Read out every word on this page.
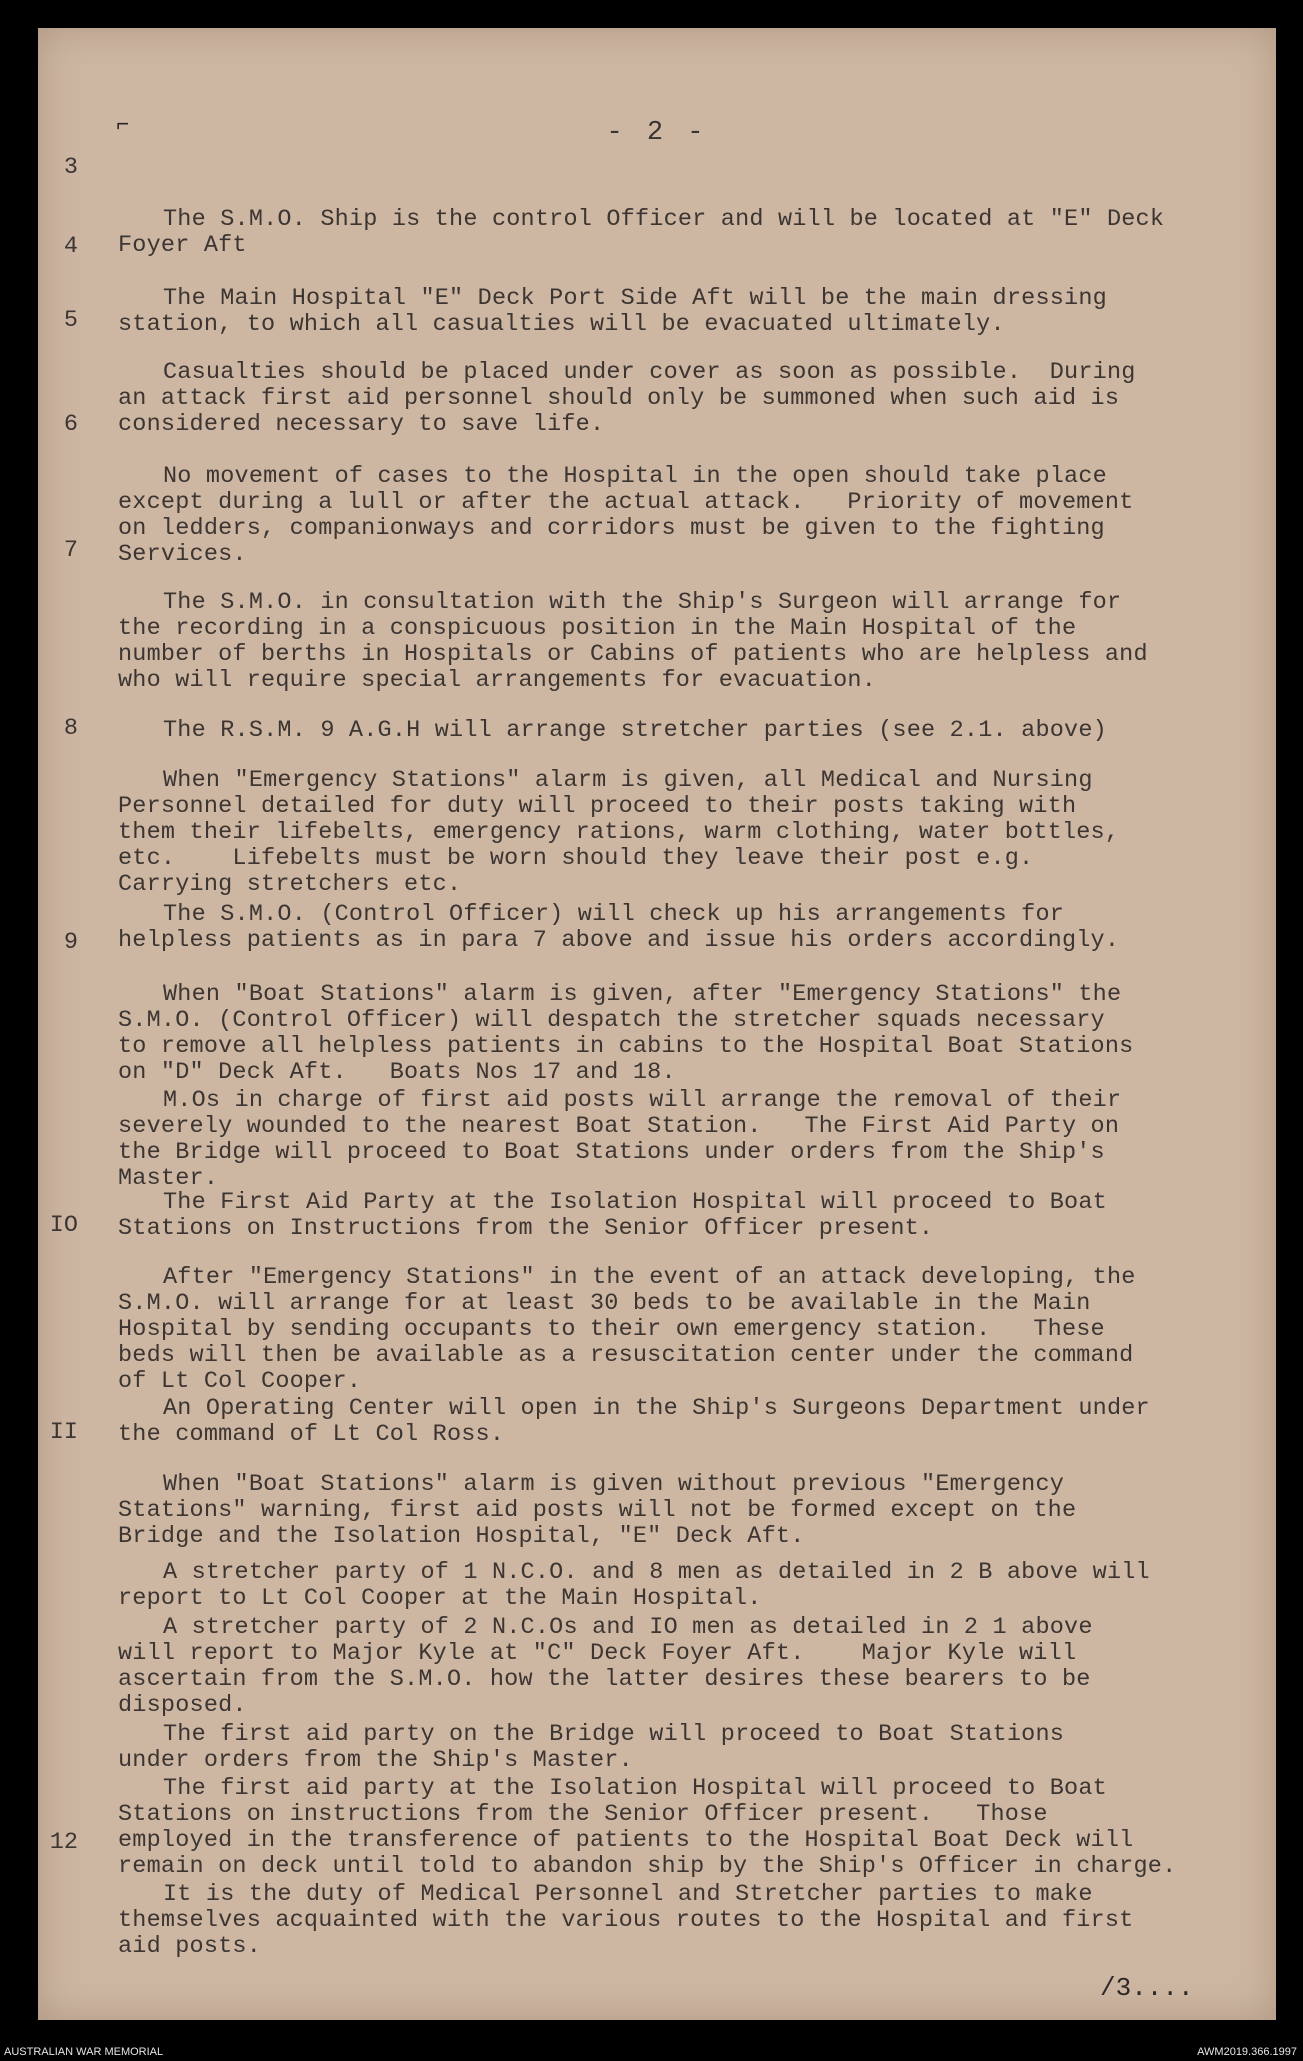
- 2 -
⌐
3

The S.M.O. Ship is the control Officer and will be located at "E" Deck
Foyer Aft

4

The Main Hospital "E" Deck Port Side Aft will be the main dressing
station, to which all casualties will be evacuated ultimately.

5

Casualties should be placed under cover as soon as possible.  During
an attack first aid personnel should only be summoned when such aid is
considered necessary to save life.

6

No movement of cases to the Hospital in the open should take place
except during a lull or after the actual attack.   Priority of movement
on ledders, companionways and corridors must be given to the fighting
Services.

7

The S.M.O. in consultation with the Ship's Surgeon will arrange for
the recording in a conspicuous position in the Main Hospital of the
number of berths in Hospitals or Cabins of patients who are helpless and
who will require special arrangements for evacuation.

The R.S.M. 9 A.G.H will arrange stretcher parties (see 2.1. above)

8

When "Emergency Stations" alarm is given, all Medical and Nursing
Personnel detailed for duty will proceed to their posts taking with
them their lifebelts, emergency rations, warm clothing, water bottles,
etc.    Lifebelts must be worn should they leave their post e.g.
Carrying stretchers etc.

The S.M.O. (Control Officer) will check up his arrangements for
helpless patients as in para 7 above and issue his orders accordingly.

9

When "Boat Stations" alarm is given, after "Emergency Stations" the
S.M.O. (Control Officer) will despatch the stretcher squads necessary
to remove all helpless patients in cabins to the Hospital Boat Stations
on "D" Deck Aft.   Boats Nos 17 and 18.

M.Os in charge of first aid posts will arrange the removal of their
severely wounded to the nearest Boat Station.   The First Aid Party on
the Bridge will proceed to Boat Stations under orders from the Ship's
Master.

The First Aid Party at the Isolation Hospital will proceed to Boat
Stations on Instructions from the Senior Officer present.

IO

After "Emergency Stations" in the event of an attack developing, the
S.M.O. will arrange for at least 30 beds to be available in the Main
Hospital by sending occupants to their own emergency station.   These
beds will then be available as a resuscitation center under the command
of Lt Col Cooper.

An Operating Center will open in the Ship's Surgeons Department under
the command of Lt Col Ross.

II

When "Boat Stations" alarm is given without previous "Emergency
Stations" warning, first aid posts will not be formed except on the
Bridge and the Isolation Hospital, "E" Deck Aft.

A stretcher party of 1 N.C.O. and 8 men as detailed in 2 B above will
report to Lt Col Cooper at the Main Hospital.

A stretcher party of 2 N.C.Os and IO men as detailed in 2 1 above
will report to Major Kyle at "C" Deck Foyer Aft.    Major Kyle will
ascertain from the S.M.O. how the latter desires these bearers to be
disposed.

The first aid party on the Bridge will proceed to Boat Stations
under orders from the Ship's Master.

The first aid party at the Isolation Hospital will proceed to Boat
Stations on instructions from the Senior Officer present.   Those
employed in the transference of patients to the Hospital Boat Deck will
remain on deck until told to abandon ship by the Ship's Officer in charge.

12

It is the duty of Medical Personnel and Stretcher parties to make
themselves acquainted with the various routes to the Hospital and first
aid posts.

/3....
AUSTRALIAN WAR MEMORIAL	AWM2019.366.1997
